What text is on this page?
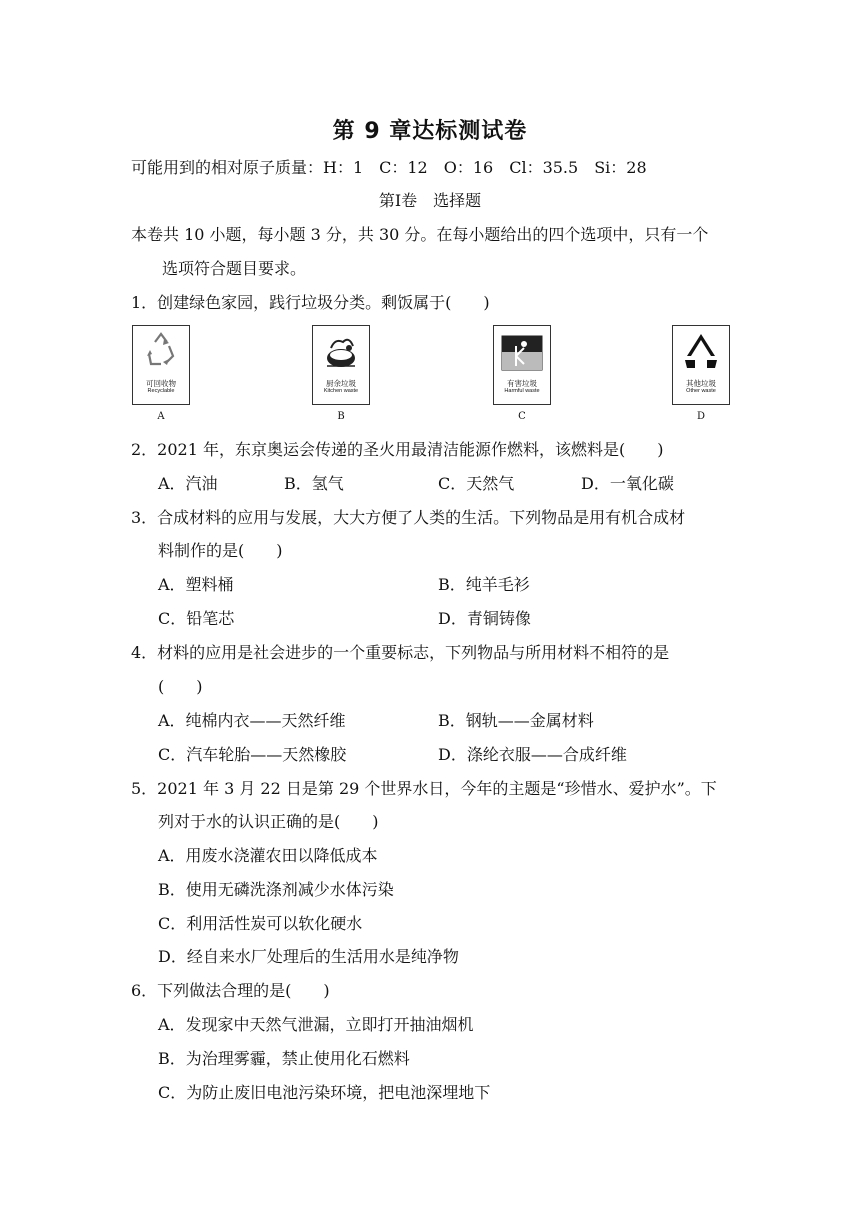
第 9 章达标测试卷
可能用到的相对原子质量：H：1　C：12　O：16　Cl：35.5　Si：28
第Ⅰ卷　选择题
本卷共 10 小题，每小题 3 分，共 30 分。在每小题给出的四个选项中，只有一个
选项符合题目要求。
1．创建绿色家园，践行垃圾分类。剩饭属于(　　)
可回收物
Recyclable
厨余垃圾
Kitchen waste
有害垃圾
Harmful waste
其他垃圾
Other waste
A	B	C	D
2．2021 年，东京奥运会传递的圣火用最清洁能源作燃料，该燃料是(　　)
A．汽油	B．氢气	C．天然气	D．一氧化碳
3．合成材料的应用与发展，大大方便了人类的生活。下列物品是用有机合成材
料制作的是(　　)
A．塑料桶	B．纯羊毛衫
C．铅笔芯	D．青铜铸像
4．材料的应用是社会进步的一个重要标志，下列物品与所用材料不相符的是
(　　)
A．纯棉内衣——天然纤维	B．钢轨——金属材料
C．汽车轮胎——天然橡胶	D．涤纶衣服——合成纤维
5．2021 年 3 月 22 日是第 29 个世界水日，今年的主题是“珍惜水、爱护水”。下
列对于水的认识正确的是(　　)
A．用废水浇灌农田以降低成本
B．使用无磷洗涤剂减少水体污染
C．利用活性炭可以软化硬水
D．经自来水厂处理后的生活用水是纯净物
6．下列做法合理的是(　　)
A．发现家中天然气泄漏，立即打开抽油烟机
B．为治理雾霾，禁止使用化石燃料
C．为防止废旧电池污染环境，把电池深埋地下
